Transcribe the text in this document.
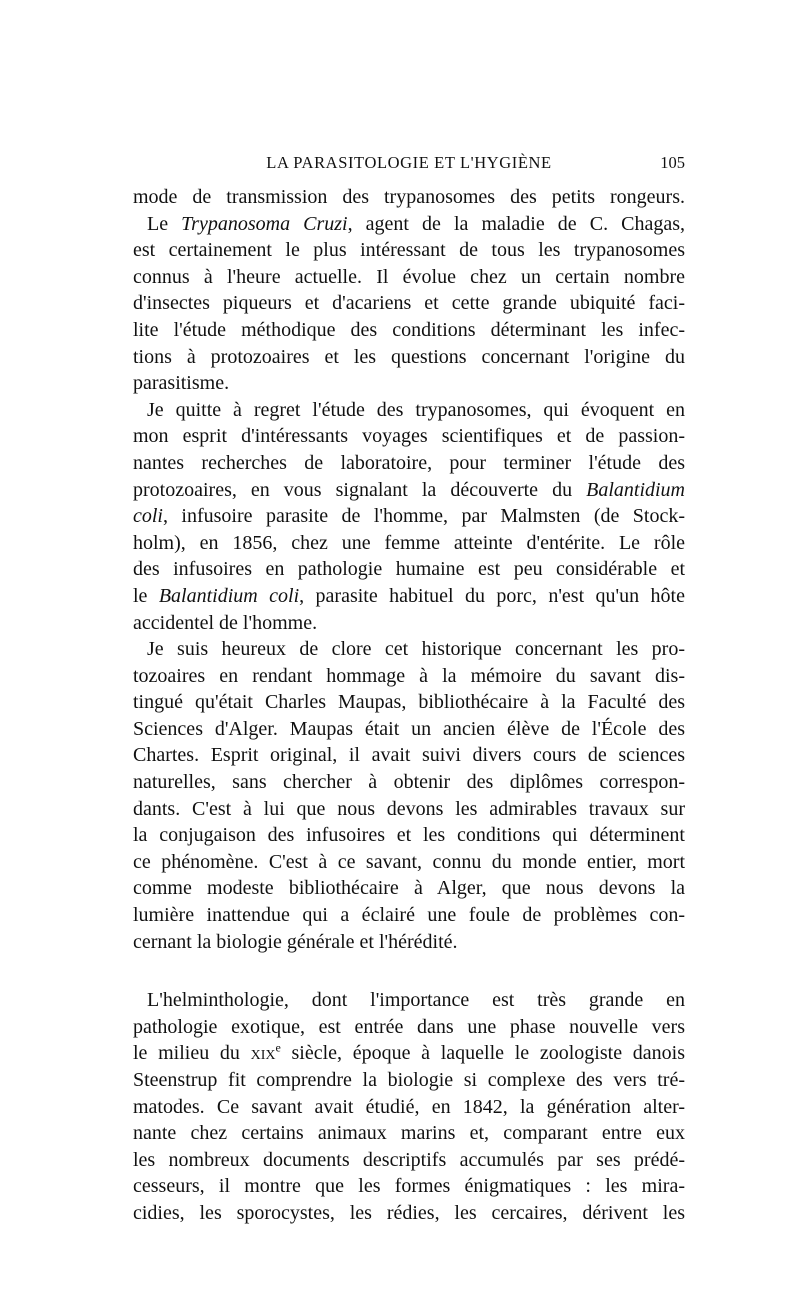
LA PARASITOLOGIE ET L'HYGIÈNE	105
mode de transmission des trypanosomes des petits rongeurs.
Le Trypanosoma Cruzi, agent de la maladie de C. Chagas,
est certainement le plus intéressant de tous les trypanosomes
connus à l'heure actuelle. Il évolue chez un certain nombre
d'insectes piqueurs et d'acariens et cette grande ubiquité faci-
lite l'étude méthodique des conditions déterminant les infec-
tions à protozoaires et les questions concernant l'origine du
parasitisme.
Je quitte à regret l'étude des trypanosomes, qui évoquent en
mon esprit d'intéressants voyages scientifiques et de passion-
nantes recherches de laboratoire, pour terminer l'étude des
protozoaires, en vous signalant la découverte du Balantidium
coli, infusoire parasite de l'homme, par Malmsten (de Stock-
holm), en 1856, chez une femme atteinte d'entérite. Le rôle
des infusoires en pathologie humaine est peu considérable et
le Balantidium coli, parasite habituel du porc, n'est qu'un hôte
accidentel de l'homme.
Je suis heureux de clore cet historique concernant les pro-
tozoaires en rendant hommage à la mémoire du savant dis-
tingué qu'était Charles Maupas, bibliothécaire à la Faculté des
Sciences d'Alger. Maupas était un ancien élève de l'École des
Chartes. Esprit original, il avait suivi divers cours de sciences
naturelles, sans chercher à obtenir des diplômes correspon-
dants. C'est à lui que nous devons les admirables travaux sur
la conjugaison des infusoires et les conditions qui déterminent
ce phénomène. C'est à ce savant, connu du monde entier, mort
comme modeste bibliothécaire à Alger, que nous devons la
lumière inattendue qui a éclairé une foule de problèmes con-
cernant la biologie générale et l'hérédité.
L'helminthologie, dont l'importance est très grande en
pathologie exotique, est entrée dans une phase nouvelle vers
le milieu du xix$^e$ siècle, époque à laquelle le zoologiste danois
Steenstrup fit comprendre la biologie si complexe des vers tré-
matodes. Ce savant avait étudié, en 1842, la génération alter-
nante chez certains animaux marins et, comparant entre eux
les nombreux documents descriptifs accumulés par ses prédé-
cesseurs, il montre que les formes énigmatiques : les mira-
cidies, les sporocystes, les rédies, les cercaires, dérivent les
